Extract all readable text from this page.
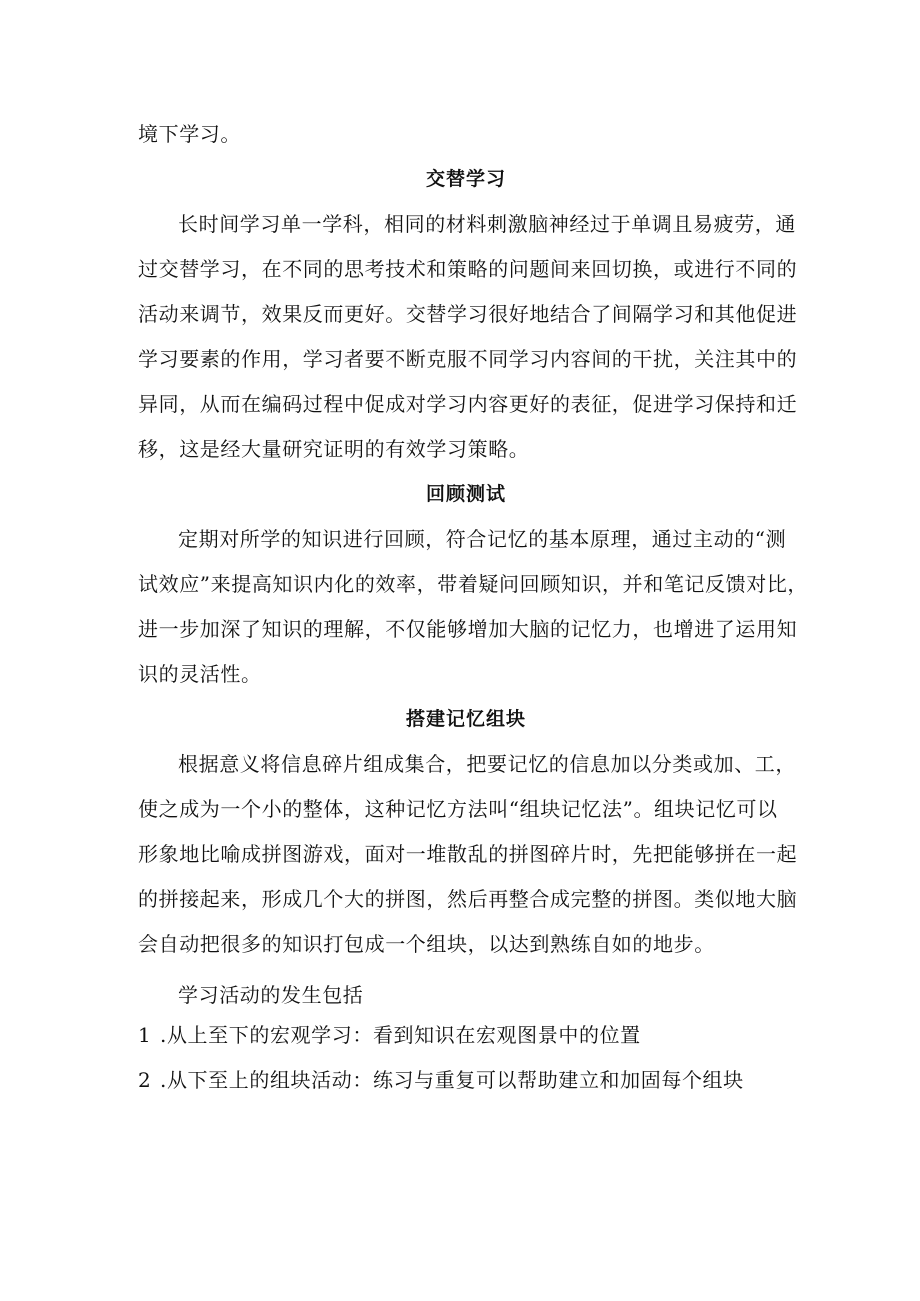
境下学习。
交替学习
长时间学习单一学科，相同的材料刺激脑神经过于单调且易疲劳，通
过交替学习，在不同的思考技术和策略的问题间来回切换，或进行不同的
活动来调节，效果反而更好。交替学习很好地结合了间隔学习和其他促进
学习要素的作用，学习者要不断克服不同学习内容间的干扰，关注其中的
异同，从而在编码过程中促成对学习内容更好的表征，促进学习保持和迁
移，这是经大量研究证明的有效学习策略。
回顾测试
定期对所学的知识进行回顾，符合记忆的基本原理，通过主动的“测
试效应”来提高知识内化的效率，带着疑问回顾知识，并和笔记反馈对比，
进一步加深了知识的理解，不仅能够增加大脑的记忆力，也增进了运用知
识的灵活性。
搭建记忆组块
根据意义将信息碎片组成集合，把要记忆的信息加以分类或加、工，
使之成为一个小的整体，这种记忆方法叫“组块记忆法”。组块记忆可以
形象地比喻成拼图游戏，面对一堆散乱的拼图碎片时，先把能够拼在一起
的拼接起来，形成几个大的拼图，然后再整合成完整的拼图。类似地大脑
会自动把很多的知识打包成一个组块，以达到熟练自如的地步。
学习活动的发生包括
1 .从上至下的宏观学习：看到知识在宏观图景中的位置
2 .从下至上的组块活动：练习与重复可以帮助建立和加固每个组块
